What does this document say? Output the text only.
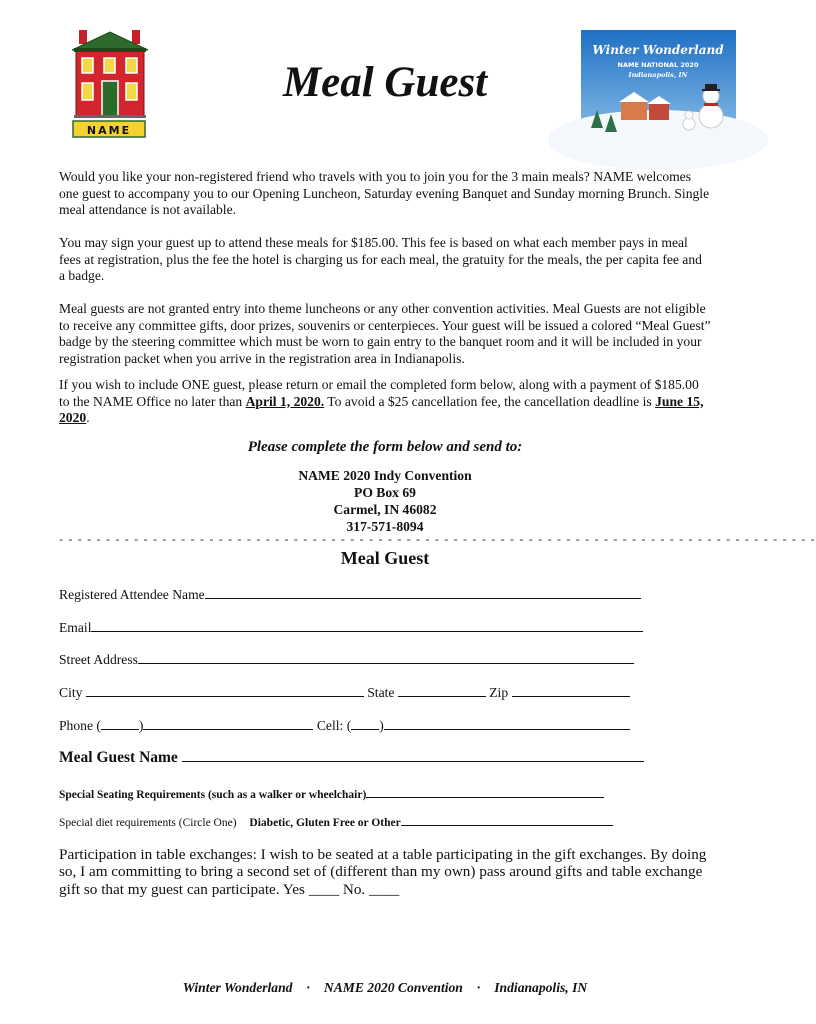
NAME
Meal Guest
Winter Wonderland
NAME NATIONAL 2020
Indianapolis, IN

Would you like your non-registered friend who travels with you to join you for the 3 main meals? NAME welcomes one guest to accompany you to our Opening Luncheon, Saturday evening Banquet and Sunday morning Brunch. Single meal attendance is not available.

You may sign your guest up to attend these meals for $185.00. This fee is based on what each member pays in meal fees at registration, plus the fee the hotel is charging us for each meal, the gratuity for the meals, the per capita fee and a badge.

Meal guests are not granted entry into theme luncheons or any other convention activities. Meal Guests are not eligible to receive any committee gifts, door prizes, souvenirs or centerpieces. Your guest will be issued a colored “Meal Guest” badge by the steering committee which must be worn to gain entry to the banquet room and it will be included in your registration packet when you arrive in the registration area in Indianapolis.

If you wish to include ONE guest, please return or email the completed form below, along with a payment of $185.00 to the NAME Office no later than April 1, 2020. To avoid a $25 cancellation fee, the cancellation deadline is June 15, 2020.

Please complete the form below and send to:
NAME 2020 Indy Convention
PO Box 69
Carmel, IN 46082
317-571-8094
- - - - - - - - - - - - - - - - - - - - - - - - - - - - - - - - - - - - - - - - - - - - - - - - - - - - - - - - - - - - - - - - - - - - - - - - - - - - - - - - -
Meal Guest
Registered Attendee Name
Email
Street Address
City	State	Zip
Phone (	)	Cell: ( )
Meal Guest Name
Special Seating Requirements (such as a walker or wheelchair)
Special diet requirements (Circle One) Diabetic, Gluten Free or Other

Participation in table exchanges: I wish to be seated at a table participating in the gift exchanges. By doing so, I am committing to bring a second set of (different than my own) pass around gifts and table exchange gift so that my guest can participate. Yes ____ No. ____

Winter Wonderland · NAME 2020 Convention · Indianapolis, IN
